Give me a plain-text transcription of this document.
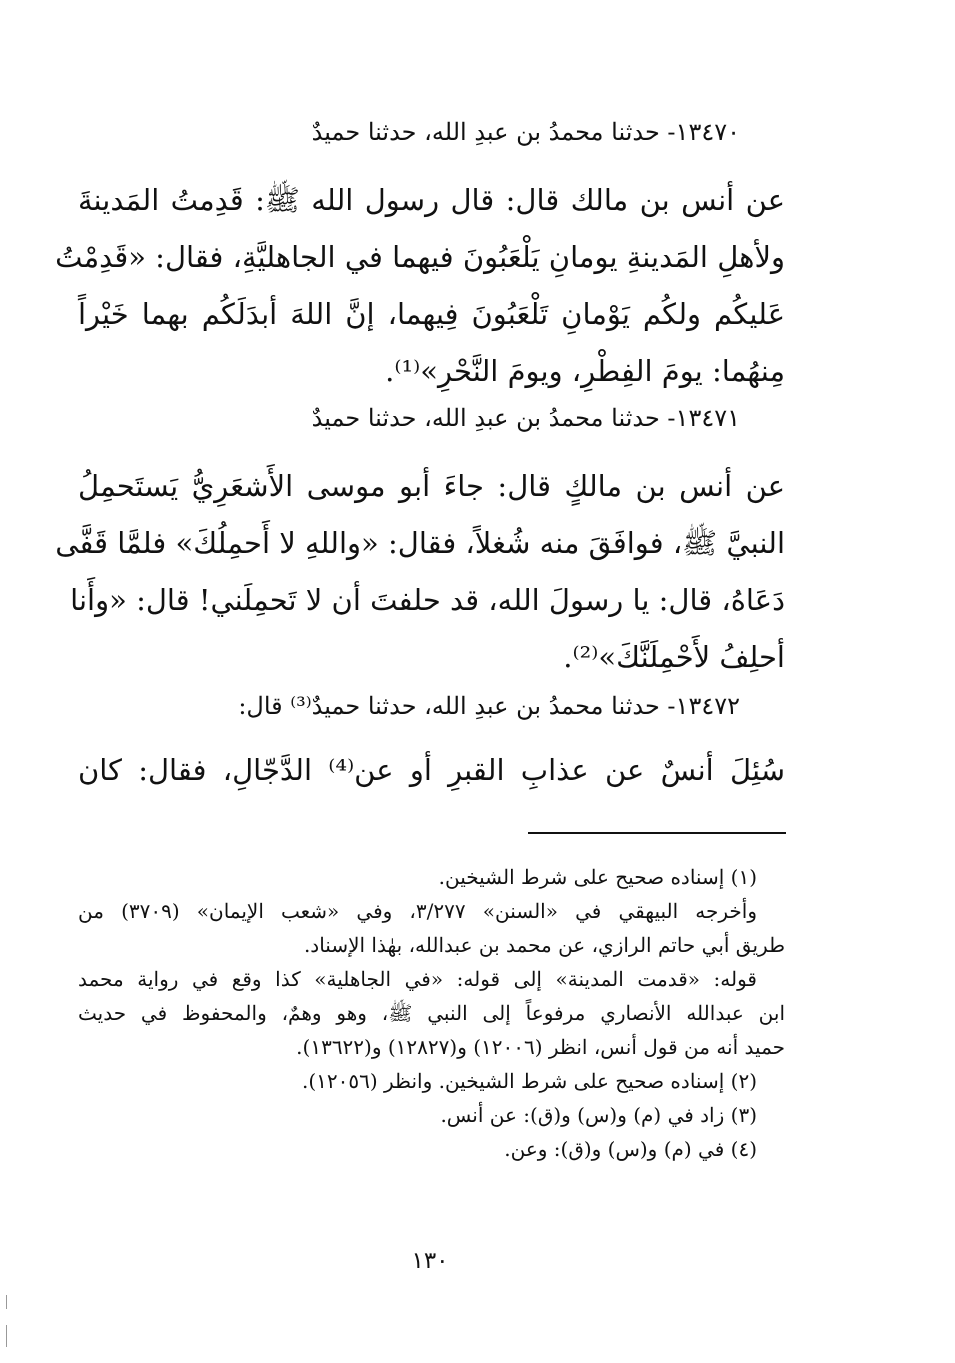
١٣٤٧٠- حدثنا محمدُ بن عبدِ الله، حدثنا حميدٌ
عن أنس بن مالك قال: قال رسول الله ﷺ: قَدِمتُ المَدينةَ
ولأهلِ المَدينةِ يومانِ يَلْعَبُونَ فيهما في الجاهليَّةِ، فقال: «قَدِمْتُ
عَليكُم ولكُم يَوْمانِ تَلْعَبُونَ فِيهما، إنَّ اللهَ أبدَلَكُم بهما خَيْراً
مِنهُما: يومَ الفِطْرِ، ويومَ النَّحْرِ»⁽¹⁾.
١٣٤٧١- حدثنا محمدُ بن عبدِ الله، حدثنا حميدٌ
عن أنس بن مالكٍ قال: جاءَ أبو موسى الأَشعَرِيُّ يَستَحمِلُ
النبيَّ ﷺ، فوافَقَ منه شُغلاً، فقال: «واللهِ لا أَحمِلُكَ» فلمَّا قَفَّى
دَعَاهُ، قال: يا رسولَ الله، قد حلفتَ أن لا تَحمِلَني! قال: «وأَنا
أحلِفُ لأَحْمِلَنَّكَ»⁽²⁾.
١٣٤٧٢- حدثنا محمدُ بن عبدِ الله، حدثنا حميدٌ⁽³⁾ قال:
سُئِلَ أنسٌ عن عذابِ القبرِ أو عن⁽⁴⁾ الدَّجّالِ، فقال: كان
(١) إسناده صحيح على شرط الشيخين.
وأخرجه البيهقي في «السنن» ٣/٢٧٧، وفي «شعب الإيمان» (٣٧٠٩) من
طريق أبي حاتم الرازي، عن محمد بن عبدالله، بهٰذا الإسناد.
قوله: «قدمت المدينة» إلى قوله: «في الجاهلية» كذا وقع في رواية محمد
ابن عبدالله الأنصاري مرفوعاً إلى النبي ﷺ، وهو وهمٌ، والمحفوظ في حديث
حميد أنه من قول أنس، انظر (١٢٠٠٦) و(١٢٨٢٧) و(١٣٦٢٢).
(٢) إسناده صحيح على شرط الشيخين. وانظر (١٢٠٥٦).
(٣) زاد في (م) و(س) و(ق): عن أنس.
(٤) في (م) و(س) و(ق): وعن.
١٣٠
